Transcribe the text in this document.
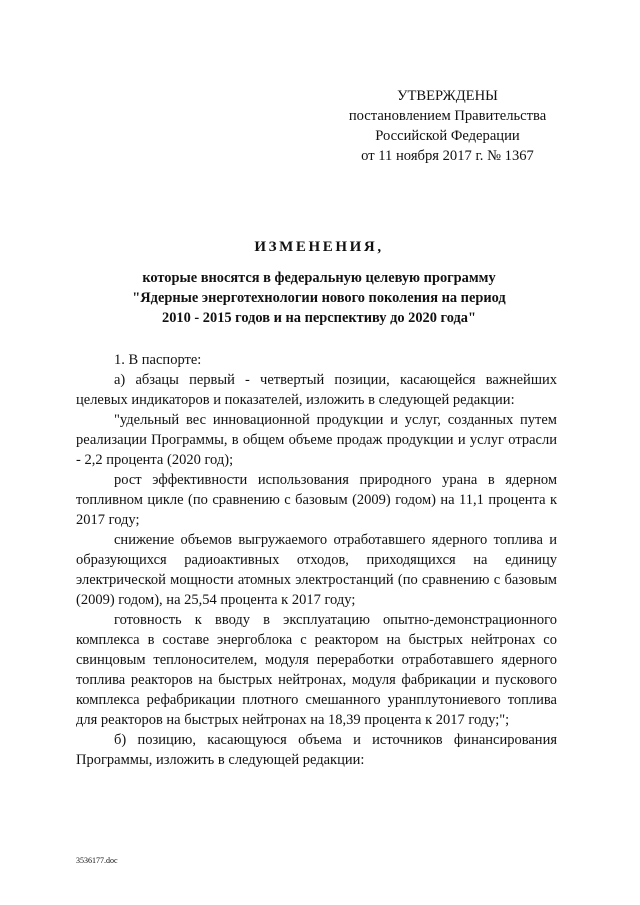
УТВЕРЖДЕНЫ
постановлением Правительства
Российской Федерации
от 11 ноября 2017 г. № 1367
ИЗМЕНЕНИЯ,
которые вносятся в федеральную целевую программу
"Ядерные энерготехнологии нового поколения на период
2010 - 2015 годов и на перспективу до 2020 года"

1. В паспорте:

а) абзацы первый - четвертый позиции, касающейся важнейших целевых индикаторов и показателей, изложить в следующей редакции:

"удельный вес инновационной продукции и услуг, созданных путем реализации Программы, в общем объеме продаж продукции и услуг отрасли - 2,2 процента (2020 год);

рост эффективности использования природного урана в ядерном топливном цикле (по сравнению с базовым (2009) годом) на 11,1 процента к 2017 году;

снижение объемов выгружаемого отработавшего ядерного топлива и образующихся радиоактивных отходов, приходящихся на единицу электрической мощности атомных электростанций (по сравнению с базовым (2009) годом), на 25,54 процента к 2017 году;

готовность к вводу в эксплуатацию опытно-демонстрационного комплекса в составе энергоблока с реактором на быстрых нейтронах со свинцовым теплоносителем, модуля переработки отработавшего ядерного топлива реакторов на быстрых нейтронах, модуля фабрикации и пускового комплекса рефабрикации плотного смешанного уранплутониевого топлива для реакторов на быстрых нейтронах на 18,39 процента к 2017 году;";

б) позицию, касающуюся объема и источников финансирования Программы, изложить в следующей редакции:

3536177.doc
